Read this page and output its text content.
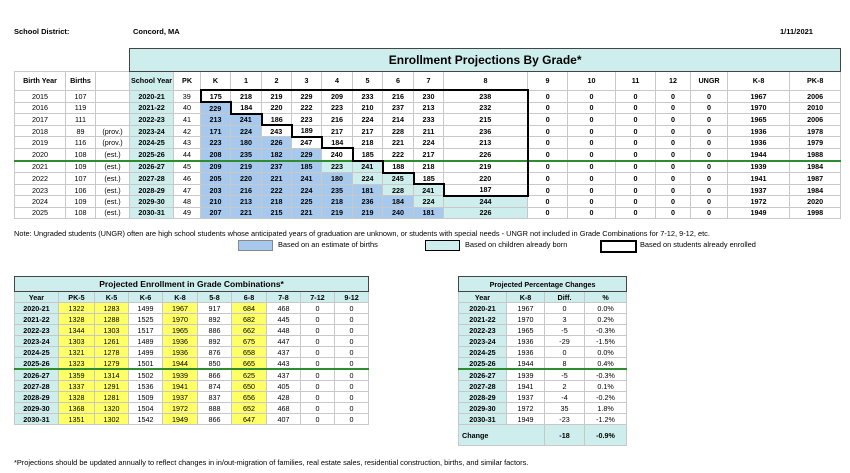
School District:	Concord, MA	1/11/2021
			Enrollment Projections By Grade*																	
Birth Year	Births		School Year	PK	K	1	2	3	4	5	6	7	8	9	10	11	12	UNGR	K-8	PK-8
2015	107		2020-21	39	175	218	219	229	209	233	216	230	238	0	0	0	0	0	1967	2006
2016	119		2021-22	40	229	184	220	222	223	210	237	213	232	0	0	0	0	0	1970	2010
2017	111		2022-23	41	213	241	186	223	216	224	214	233	215	0	0	0	0	0	1965	2006
2018	89	(prov.)	2023-24	42	171	224	243	189	217	217	228	211	236	0	0	0	0	0	1936	1978
2019	116	(prov.)	2024-25	43	223	180	226	247	184	218	221	224	213	0	0	0	0	0	1936	1979
2020	108	(est.)	2025-26	44	208	235	182	229	240	185	222	217	226	0	0	0	0	0	1944	1988
2021	109	(est.)	2026-27	45	209	219	237	185	223	241	188	218	219	0	0	0	0	0	1939	1984
2022	107	(est.)	2027-28	46	205	220	221	241	180	224	245	185	220	0	0	0	0	0	1941	1987
2023	106	(est.)	2028-29	47	203	216	222	224	235	181	228	241	187	0	0	0	0	0	1937	1984
2024	109	(est.)	2029-30	48	210	213	218	225	218	236	184	224	244	0	0	0	0	0	1972	2020
2025	108	(est.)	2030-31	49	207	221	215	221	219	219	240	181	226	0	0	0	0	0	1949	1998
Note: Ungraded students (UNGR) often are high school students whose anticipated years of graduation are unknown, or students with special needs - UNGR not included in Grade Combinations for 7-12, 9-12, etc.
Based on an estimate of births	Based on children already born	Based on students already enrolled
Projected Enrollment in Grade Combinations*									
Year	PK-5	K-5	K-6	K-8	5-8	6-8	7-8	7-12	9-12
2020-21	1322	1283	1499	1967	917	684	468	0	0
2021-22	1328	1288	1525	1970	892	682	445	0	0
2022-23	1344	1303	1517	1965	886	662	448	0	0
2023-24	1303	1261	1489	1936	892	675	447	0	0
2024-25	1321	1278	1499	1936	876	658	437	0	0
2025-26	1323	1279	1501	1944	850	665	443	0	0
2026-27	1359	1314	1502	1939	866	625	437	0	0
2027-28	1337	1291	1536	1941	874	650	405	0	0
2028-29	1328	1281	1509	1937	837	656	428	0	0
2029-30	1368	1320	1504	1972	888	652	468	0	0
2030-31	1351	1302	1542	1949	866	647	407	0	0
Projected Percentage Changes			
Year	K-8	Diff.	%
2020-21	1967	0	0.0%
2021-22	1970	3	0.2%
2022-23	1965	-5	-0.3%
2023-24	1936	-29	-1.5%
2024-25	1936	0	0.0%
2025-26	1944	8	0.4%
2026-27	1939	-5	-0.3%
2027-28	1941	2	0.1%
2028-29	1937	-4	-0.2%
2029-30	1972	35	1.8%
2030-31	1949	-23	-1.2%
Change		-18	-0.9%
*Projections should be updated annually to reflect changes in in/out-migration of families, real estate sales, residential construction, births, and similar factors.
